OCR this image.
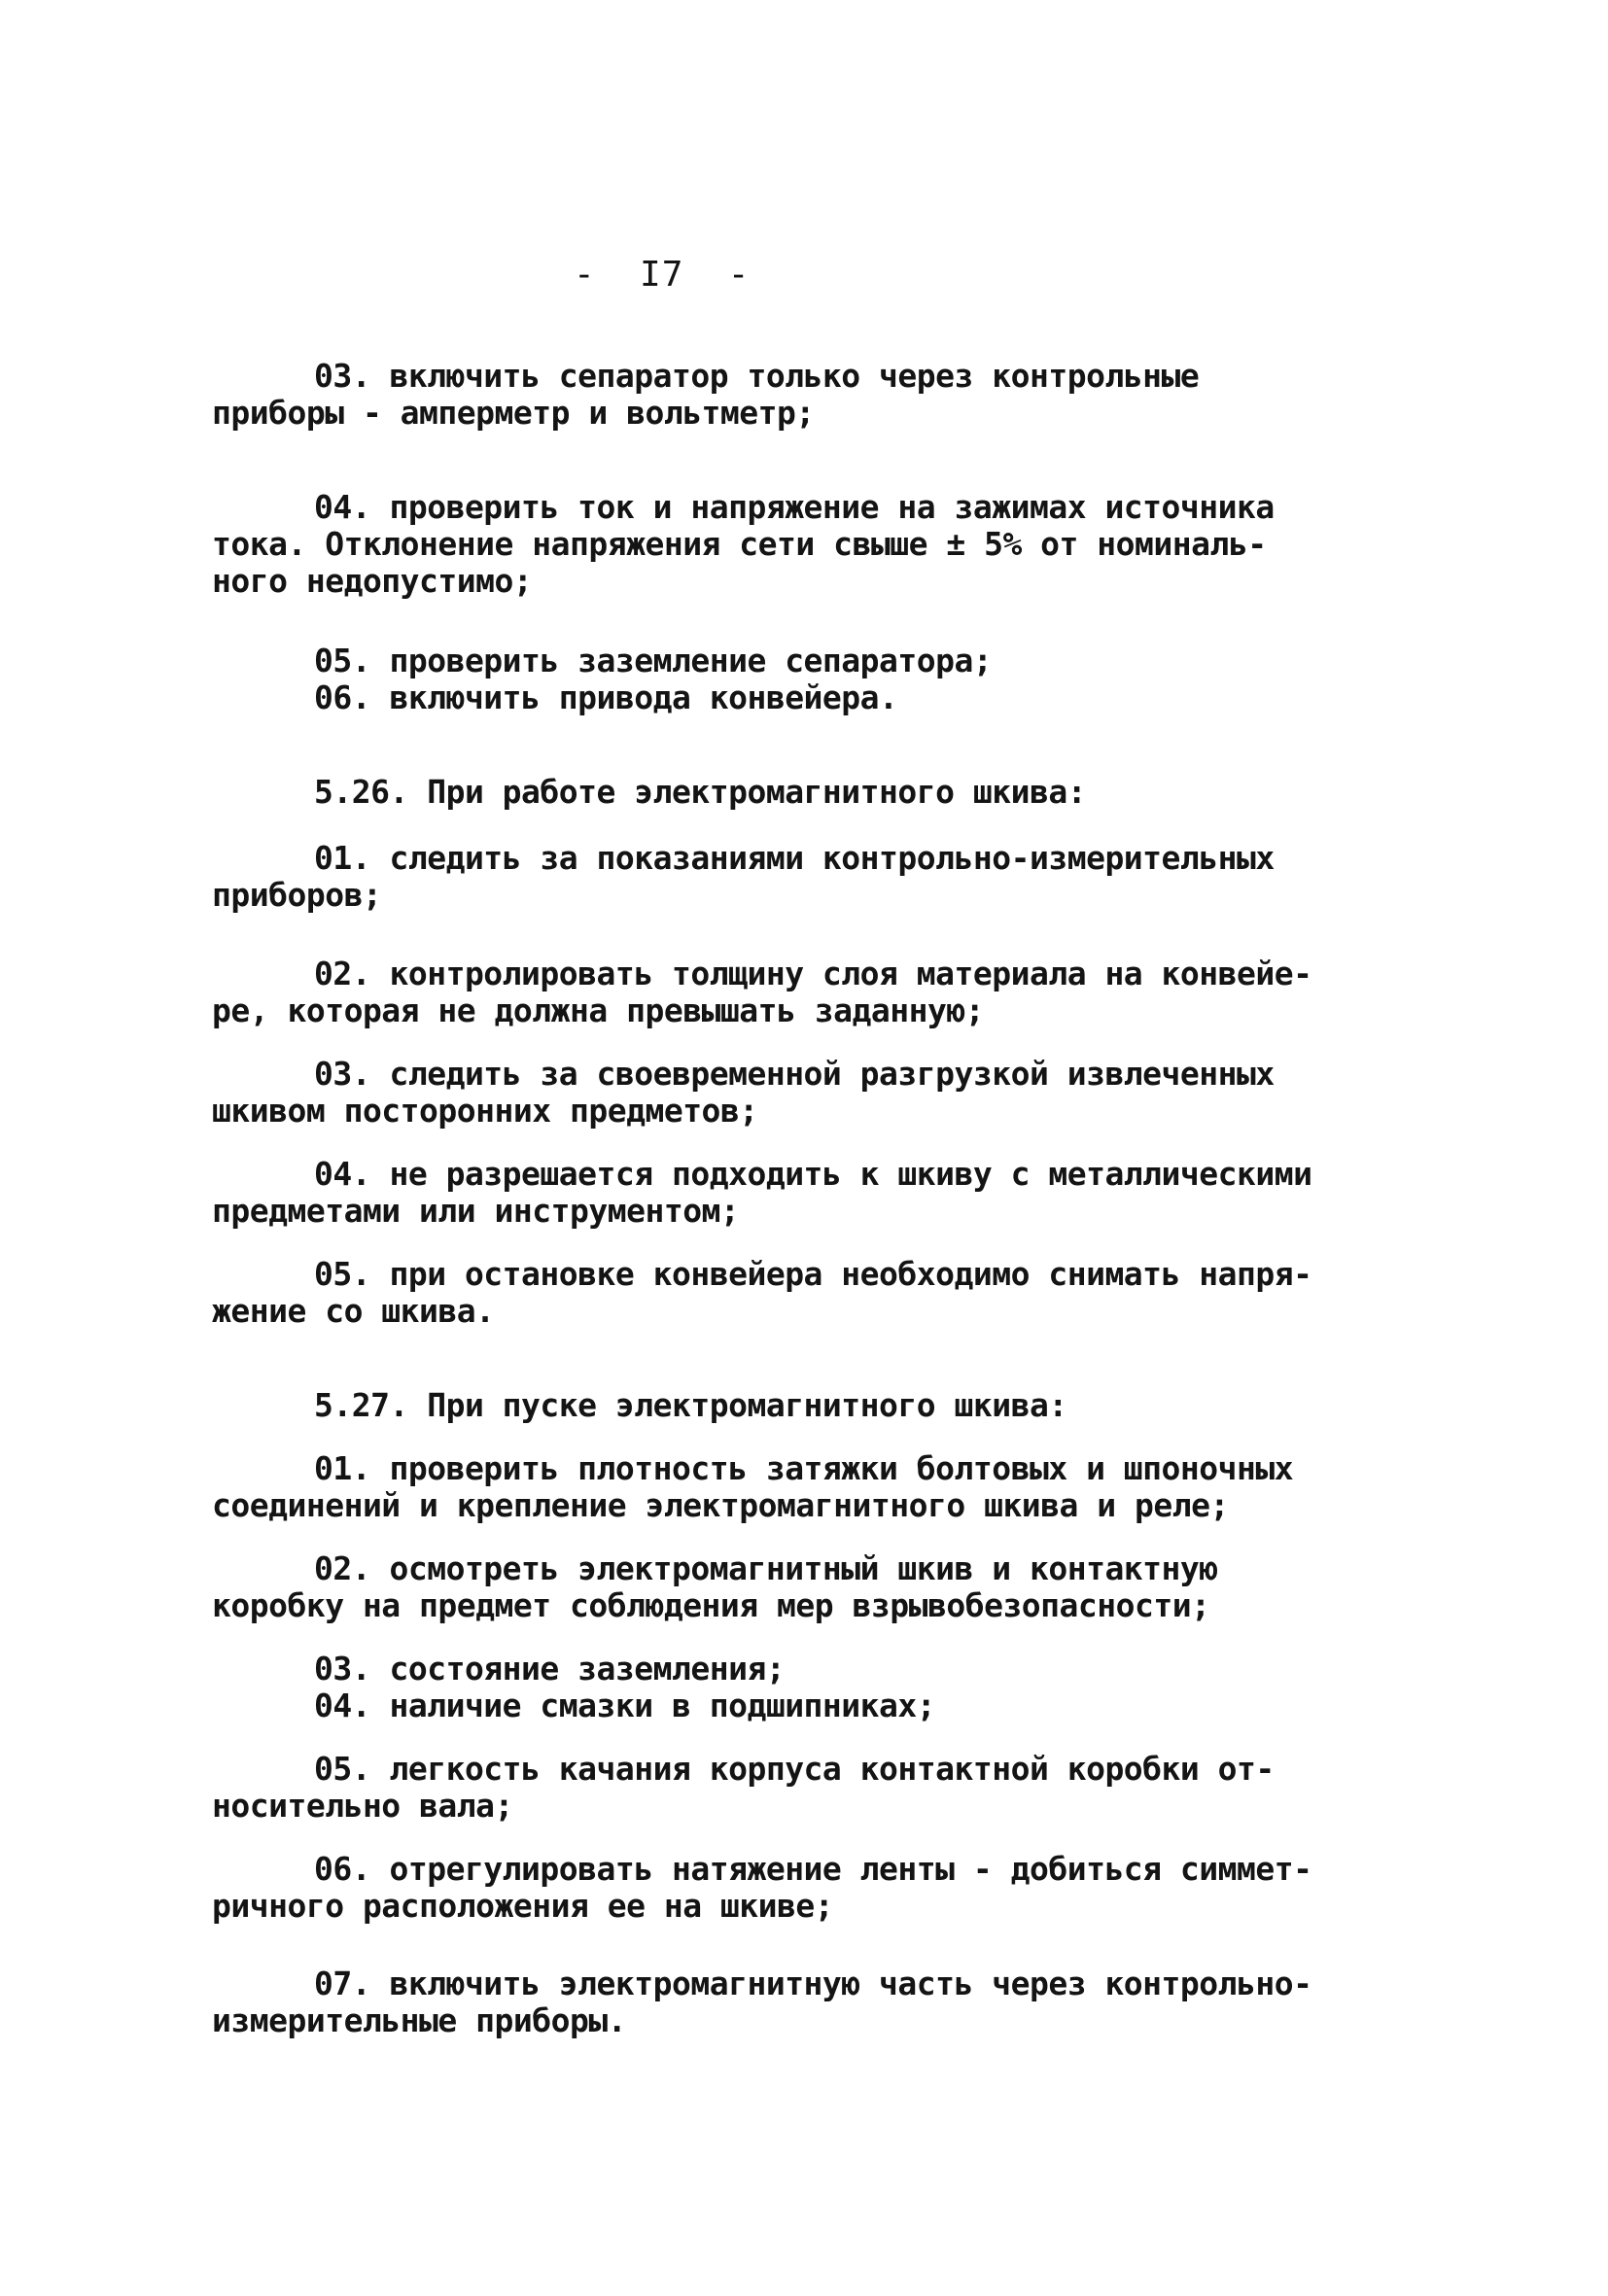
-  I7  -
03. включить сепаратор только через контрольные
приборы - амперметр и вольтметр;
04. проверить ток и напряжение на зажимах источника
тока. Отклонение напряжения сети свыше ± 5% от номиналь-
ного недопустимо;
05. проверить заземление сепаратора;
06. включить привода конвейера.
5.26. При работе электромагнитного шкива:
01. следить за показаниями контрольно-измерительных
приборов;
02. контролировать толщину слоя материала на конвейе-
ре, которая не должна превышать заданную;
03. следить за своевременной разгрузкой извлеченных
шкивом посторонних предметов;
04. не разрешается подходить к шкиву с металлическими
предметами или инструментом;
05. при остановке конвейера необходимо снимать напря-
жение со шкива.
5.27. При пуске электромагнитного шкива:
01. проверить плотность затяжки болтовых и шпоночных
соединений и крепление электромагнитного шкива и реле;
02. осмотреть электромагнитный шкив и контактную
коробку на предмет соблюдения мер взрывобезопасности;
03. состояние заземления;
04. наличие смазки в подшипниках;
05. легкость качания корпуса контактной коробки от-
носительно вала;
06. отрегулировать натяжение ленты - добиться симмет-
ричного расположения ее на шкиве;
07. включить электромагнитную часть через контрольно-
измерительные приборы.
